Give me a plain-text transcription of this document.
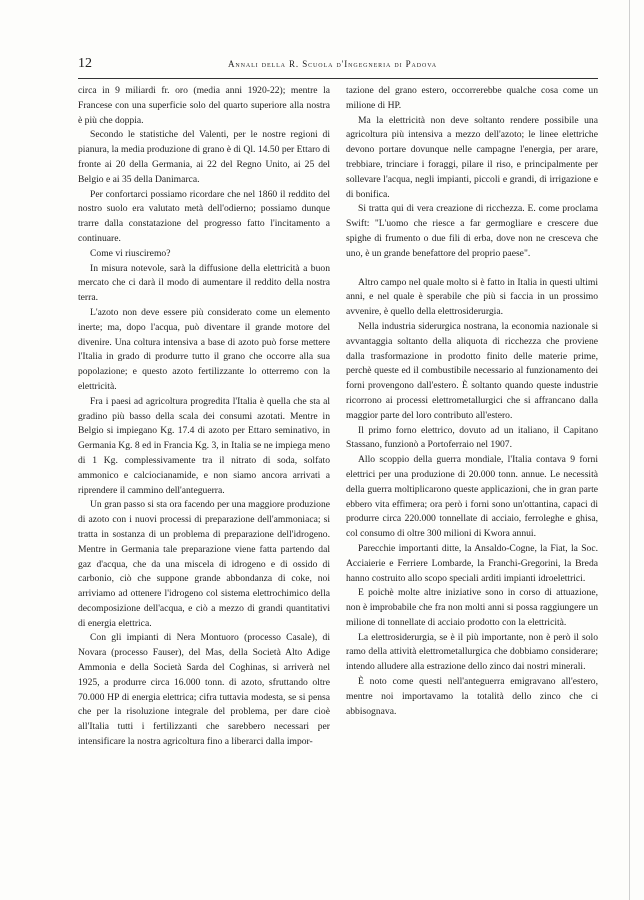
12	Annali della R. Scuola d'Ingegneria di Padova

circa in 9 miliardi fr. oro (media anni 1920-22); mentre la Francese con una superficie solo del quarto superiore alla nostra è più che doppia.

Secondo le statistiche del Valenti, per le nostre regioni di pianura, la media produzione di grano è di Ql. 14.50 per Ettaro di fronte ai 20 della Germania, ai 22 del Regno Unito, ai 25 del Belgio e ai 35 della Danimarca.

Per confortarci possiamo ricordare che nel 1860 il reddito del nostro suolo era valutato metà dell'odierno; possiamo dunque trarre dalla constatazione del progresso fatto l'incitamento a continuare.

Come vi riusciremo?

In misura notevole, sarà la diffusione della elettricità a buon mercato che ci darà il modo di aumentare il reddito della nostra terra.

L'azoto non deve essere più considerato come un elemento inerte; ma, dopo l'acqua, può diventare il grande motore del divenire. Una coltura intensiva a base di azoto può forse mettere l'Italia in grado di produrre tutto il grano che occorre alla sua popolazione; e questo azoto fertilizzante lo otterremo con la elettricità.

Fra i paesi ad agricoltura progredita l'Italia è quella che sta al gradino più basso della scala dei consumi azotati. Mentre in Belgio si impiegano Kg. 17.4 di azoto per Ettaro seminativo, in Germania Kg. 8 ed in Francia Kg. 3, in Italia se ne impiega meno di 1 Kg. complessivamente tra il nitrato di soda, solfato ammonico e calciocianamide, e non siamo ancora arrivati a riprendere il cammino dell'anteguerra.

Un gran passo si sta ora facendo per una maggiore produzione di azoto con i nuovi processi di preparazione dell'ammoniaca; si tratta in sostanza di un problema di preparazione dell'idrogeno. Mentre in Germania tale preparazione viene fatta partendo dal gaz d'acqua, che da una miscela di idrogeno e di ossido di carbonio, ciò che suppone grande abbondanza di coke, noi arriviamo ad ottenere l'idrogeno col sistema elettrochimico della decomposizione dell'acqua, e ciò a mezzo di grandi quantitativi di energia elettrica.

Con gli impianti di Nera Montuoro (processo Casale), di Novara (processo Fauser), del Mas, della Società Alto Adige Ammonia e della Società Sarda del Coghinas, si arriverà nel 1925, a produrre circa 16.000 tonn. di azoto, sfruttando oltre 70.000 HP di energia elettrica; cifra tuttavia modesta, se si pensa che per la risoluzione integrale del problema, per dare cioè all'Italia tutti i fertilizzanti che sarebbero necessari per intensificare la nostra agricoltura fino a liberarci dalla impor-

tazione del grano estero, occorrerebbe qualche cosa come un milione di HP.

Ma la elettricità non deve soltanto rendere possibile una agricoltura più intensiva a mezzo dell'azoto; le linee elettriche devono portare dovunque nelle campagne l'energia, per arare, trebbiare, trinciare i foraggi, pilare il riso, e principalmente per sollevare l'acqua, negli impianti, piccoli e grandi, di irrigazione e di bonifica.

Si tratta qui di vera creazione di ricchezza. E. come proclama Swift: "L'uomo che riesce a far germogliare e crescere due spighe di frumento o due fili di erba, dove non ne cresceva che uno, è un grande benefattore del proprio paese".

Altro campo nel quale molto si è fatto in Italia in questi ultimi anni, e nel quale è sperabile che più si faccia in un prossimo avvenire, è quello della elettrosiderurgia.

Nella industria siderurgica nostrana, la economia nazionale si avvantaggia soltanto della aliquota di ricchezza che proviene dalla trasformazione in prodotto finito delle materie prime, perchè queste ed il combustibile necessario al funzionamento dei forni provengono dall'estero. È soltanto quando queste industrie ricorrono ai processi elettrometallurgici che si affrancano dalla maggior parte del loro contributo all'estero.

Il primo forno elettrico, dovuto ad un italiano, il Capitano Stassano, funzionò a Portoferraio nel 1907.

Allo scoppio della guerra mondiale, l'Italia contava 9 forni elettrici per una produzione di 20.000 tonn. annue. Le necessità della guerra moltiplicarono queste applicazioni, che in gran parte ebbero vita effimera; ora però i forni sono un'ottantina, capaci di produrre circa 220.000 tonnellate di acciaio, ferroleghe e ghisa, col consumo di oltre 300 milioni di Kwora annui.

Parecchie importanti ditte, la Ansaldo-Cogne, la Fiat, la Soc. Acciaierie e Ferriere Lombarde, la Franchi-Gregorini, la Breda hanno costruito allo scopo speciali arditi impianti idroelettrici.

E poichè molte altre iniziative sono in corso di attuazione, non è improbabile che fra non molti anni si possa raggiungere un milione di tonnellate di acciaio prodotto con la elettricità.

La elettrosiderurgia, se è il più importante, non è però il solo ramo della attività elettrometallurgica che dobbiamo considerare; intendo alludere alla estrazione dello zinco dai nostri minerali.

È noto come questi nell'anteguerra emigravano all'estero, mentre noi importavamo la totalità dello zinco che ci abbisognava.
